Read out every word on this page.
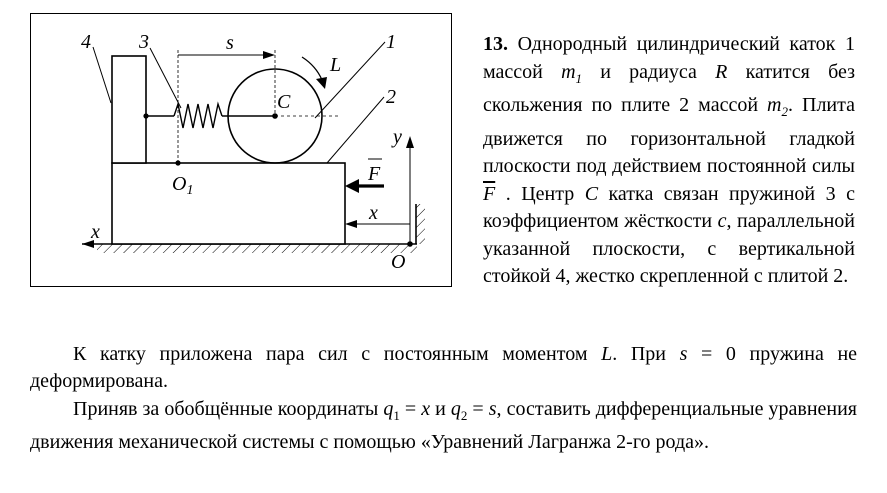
4 3	s	1
L
2
C
y
F
$O_1$
x
x
O
13. Однородный цилиндрический каток 1 массой $m_1$ и радиуса R катится без скольжения по плите 2 массой $m_2$. Плита движется по горизонтальной гладкой плоскости под действием постоянной силы $\overline{F}$ . Центр C катка связан пружиной 3 с коэффициентом жёсткости c, параллельной указанной плоскости, с вертикальной стойкой 4, жестко скрепленной с плитой 2.
К катку приложена пара сил с постоянным моментом L. При s = 0 пружина не деформирована.
Приняв за обобщённые координаты $q_1 = x$ и $q_2 = s$, составить дифференциальные уравнения движения механической системы с помощью «Уравнений Лагранжа 2-го рода».
